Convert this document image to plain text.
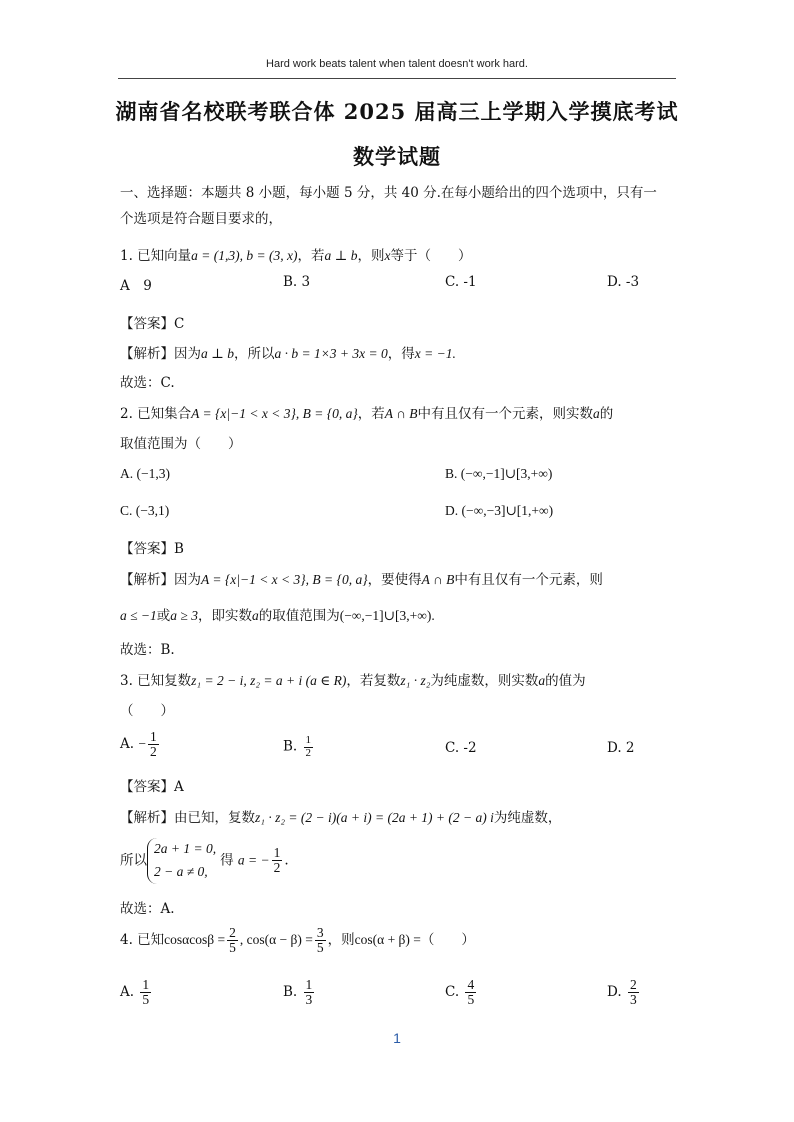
Hard work beats talent when talent doesn't work hard.
湖南省名校联考联合体 2025 届高三上学期入学摸底考试
数学试题
一、选择题：本题共 8 小题，每小题 5 分，共 40 分.在每小题给出的四个选项中，只有一
个选项是符合题目要求的，
1. 已知向量a = (1,3), b = (3, x)，若a ⊥ b，则x等于（　　）
A　9	B. 3	C. -1	D. -3
【答案】C
【解析】因为a ⊥ b，所以a · b = 1×3 + 3x = 0，得x = −1.
故选：C.
2. 已知集合A = {x|−1 < x < 3}, B = {0, a}，若A ∩ B中有且仅有一个元素，则实数a的
取值范围为（　　）
A. (−1,3)	B. (−∞,−1]∪[3,+∞)
C. (−3,1)	D. (−∞,−3]∪[1,+∞)
【答案】B
【解析】因为A = {x|−1 < x < 3}, B = {0, a}，要使得A ∩ B中有且仅有一个元素，则
a ≤ −1或a ≥ 3，即实数a的取值范围为(−∞,−1]∪[3,+∞).
故选：B.
3. 已知复数z₁ = 2 − i, z₂ = a + i (a ∈ R)，若复数z₁ · z₂为纯虚数，则实数a的值为
（　　）
A. − $\frac{1}{2}$	B. $\frac{1}{2}$	C. -2	D. 2
【答案】A
【解析】由已知，复数z₁ · z₂ = (2 − i)(a + i) = (2a + 1) + (2 − a) i为纯虚数，
所以
2a + 1 = 0,
2 − a ≠ 0,
得 a = − $\frac{1}{2}$ .
故选：A.
4. 已知$\cos\alpha\cos\beta = \frac{2}{5}$ , $\cos(\alpha - \beta) = \frac{3}{5}$ ，则cos(α + β) =（　　）
A. $\frac{1}{5}$	B. $\frac{1}{3}$	C. $\frac{4}{5}$	D. $\frac{2}{3}$
1
